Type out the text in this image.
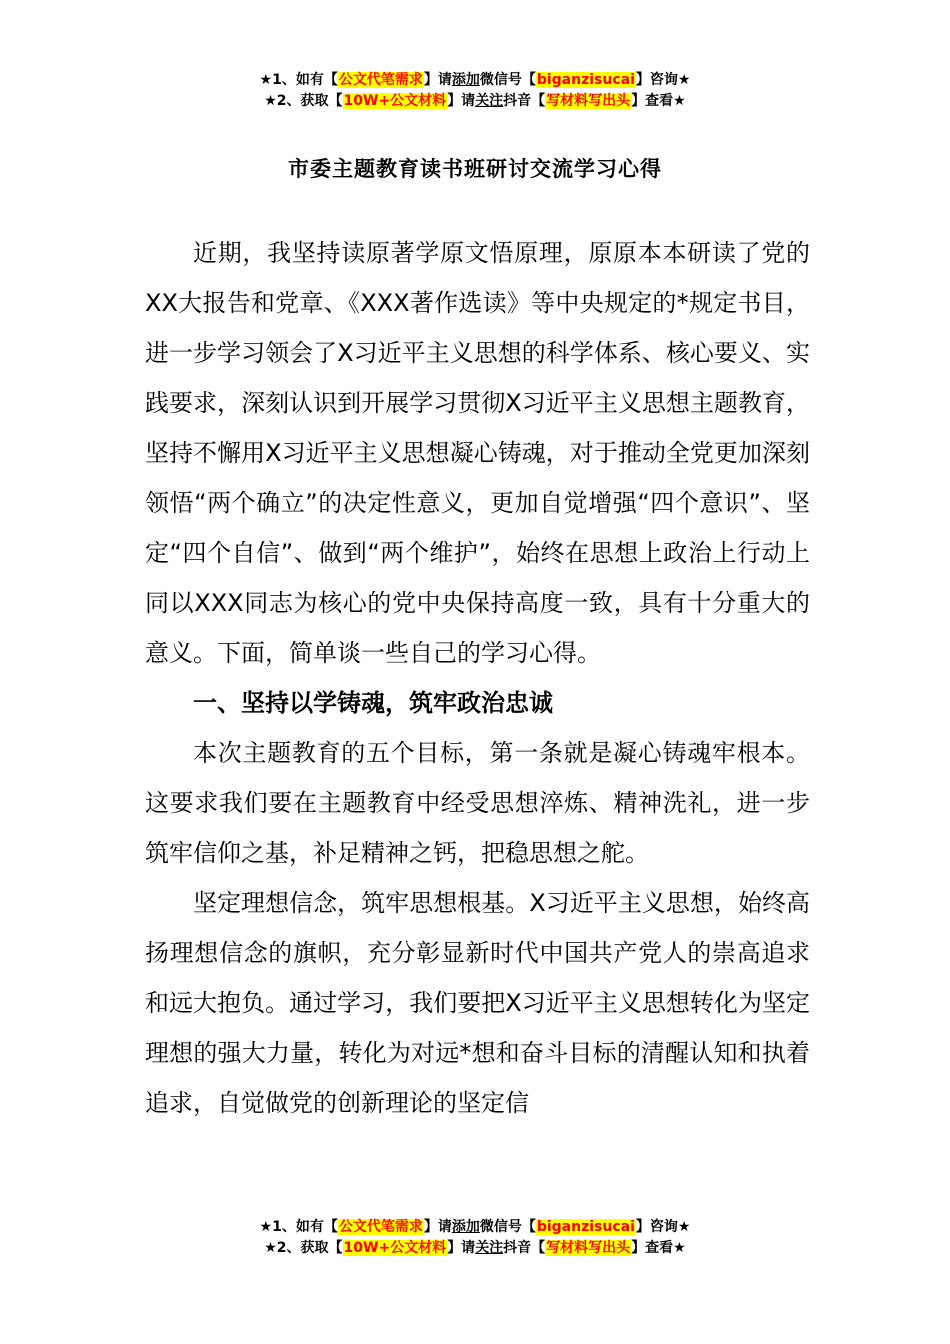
★1、如有【公文代笔需求】请添加微信号【biganzisucai】咨询★
★2、获取【10W+公文材料】请关注抖音【写材料写出头】查看★
市委主题教育读书班研讨交流学习心得

近期，我坚持读原著学原文悟原理，原原本本研读了党的XX大报告和党章、《XXX著作选读》等中央规定的*规定书目，进一步学习领会了X习近平主义思想的科学体系、核心要义、实践要求，深刻认识到开展学习贯彻X习近平主义思想主题教育，坚持不懈用X习近平主义思想凝心铸魂，对于推动全党更加深刻领悟“两个确立”的决定性意义，更加自觉增强“四个意识”、坚定“四个自信”、做到“两个维护”，始终在思想上政治上行动上同以XXX同志为核心的党中央保持高度一致，具有十分重大的意义。下面，简单谈一些自己的学习心得。

一、坚持以学铸魂，筑牢政治忠诚

本次主题教育的五个目标，第一条就是凝心铸魂牢根本。这要求我们要在主题教育中经受思想淬炼、精神洗礼，进一步筑牢信仰之基，补足精神之钙，把稳思想之舵。

坚定理想信念，筑牢思想根基。X习近平主义思想，始终高扬理想信念的旗帜，充分彰显新时代中国共产党人的崇高追求和远大抱负。通过学习，我们要把X习近平主义思想转化为坚定理想的强大力量，转化为对远*想和奋斗目标的清醒认知和执着追求，自觉做党的创新理论的坚定信

★1、如有【公文代笔需求】请添加微信号【biganzisucai】咨询★
★2、获取【10W+公文材料】请关注抖音【写材料写出头】查看★
